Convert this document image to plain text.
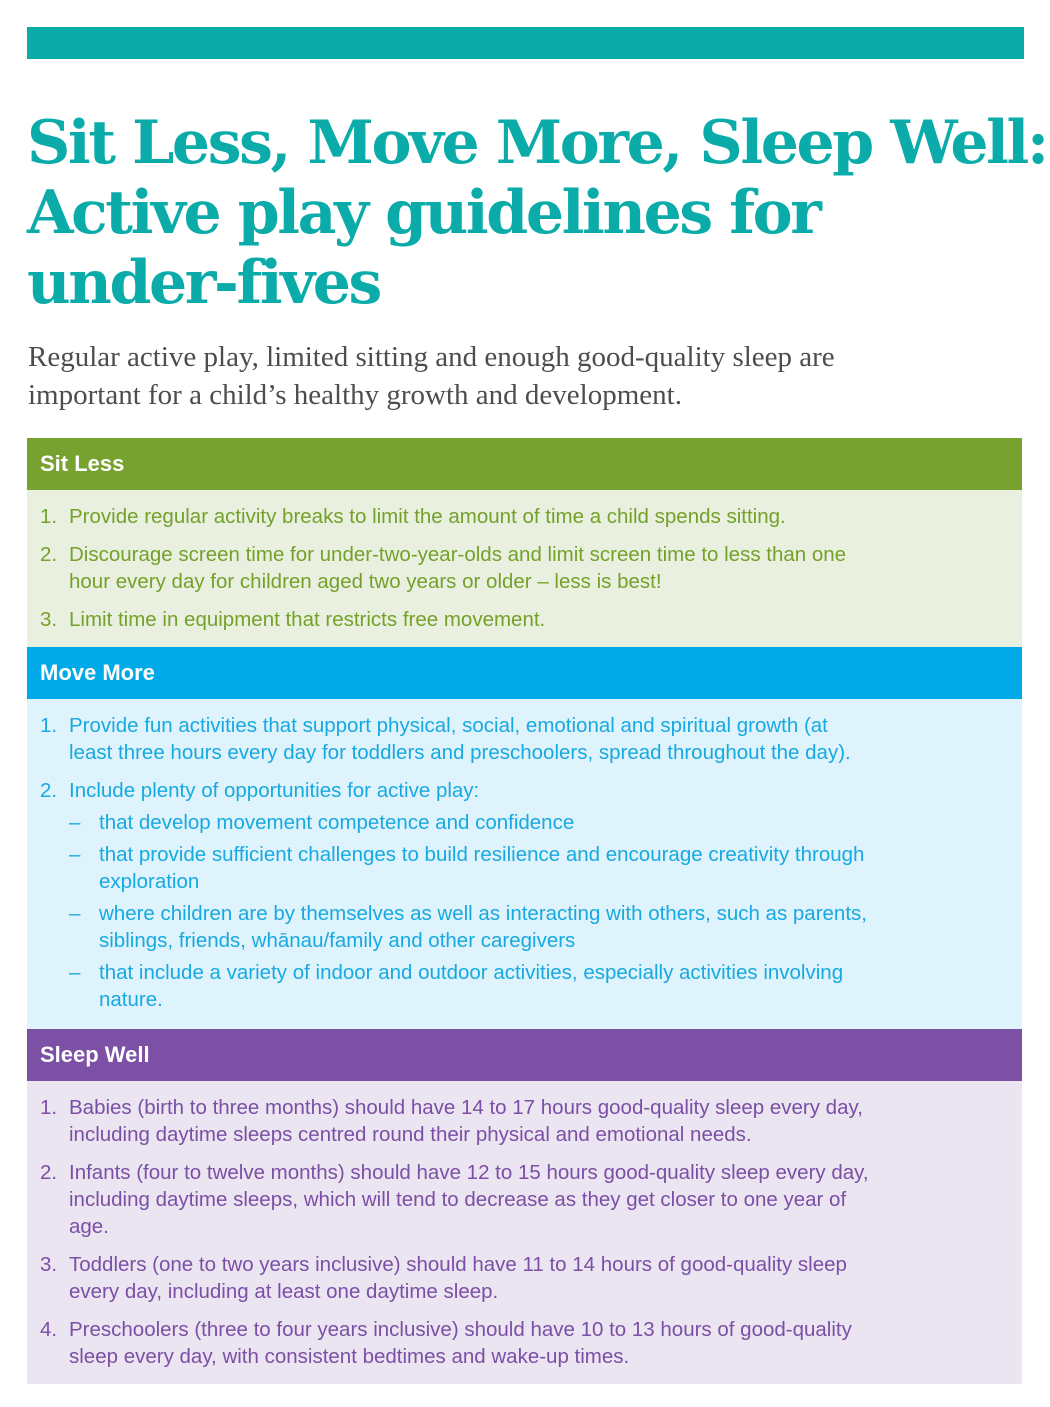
Sit Less, Move More, Sleep Well:
Active play guidelines for
under-fives

Regular active play, limited sitting and enough good-quality sleep are
important for a child’s healthy growth and development.

Sit Less
1. Provide regular activity breaks to limit the amount of time a child spends sitting.
2. Discourage screen time for under-two-year-olds and limit screen time to less than one
hour every day for children aged two years or older – less is best!
3. Limit time in equipment that restricts free movement.
Move More
1. Provide fun activities that support physical, social, emotional and spiritual growth (at
least three hours every day for toddlers and preschoolers, spread throughout the day).
2. Include plenty of opportunities for active play:
– that develop movement competence and confidence
– that provide sufficient challenges to build resilience and encourage creativity through
exploration
– where children are by themselves as well as interacting with others, such as parents,
siblings, friends, whānau/family and other caregivers
– that include a variety of indoor and outdoor activities, especially activities involving
nature.
Sleep Well
1. Babies (birth to three months) should have 14 to 17 hours good-quality sleep every day,
including daytime sleeps centred round their physical and emotional needs.
2. Infants (four to twelve months) should have 12 to 15 hours good-quality sleep every day,
including daytime sleeps, which will tend to decrease as they get closer to one year of
age.
3. Toddlers (one to two years inclusive) should have 11 to 14 hours of good-quality sleep
every day, including at least one daytime sleep.
4. Preschoolers (three to four years inclusive) should have 10 to 13 hours of good-quality
sleep every day, with consistent bedtimes and wake-up times.
